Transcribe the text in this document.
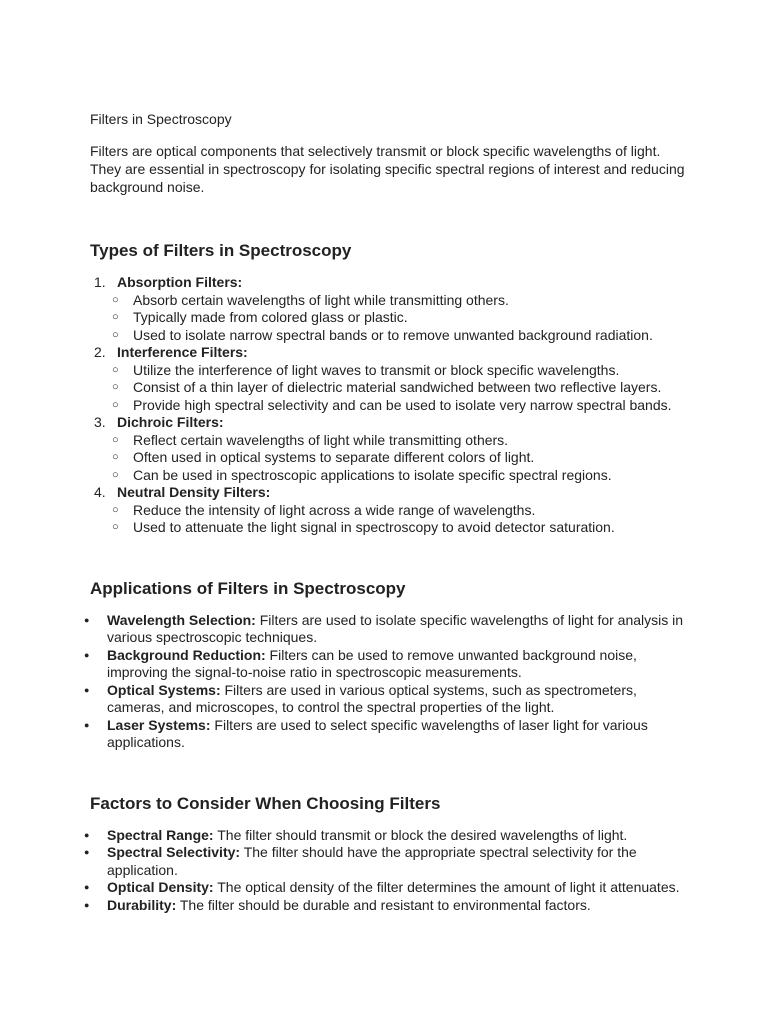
Filters in Spectroscopy

Filters are optical components that selectively transmit or block specific wavelengths of light. They are essential in spectroscopy for isolating specific spectral regions of interest and reducing background noise.

Types of Filters in Spectroscopy
1. Absorption Filters:
○ Absorb certain wavelengths of light while transmitting others.
○ Typically made from colored glass or plastic.
○ Used to isolate narrow spectral bands or to remove unwanted background radiation.
2. Interference Filters:
○ Utilize the interference of light waves to transmit or block specific wavelengths.
○ Consist of a thin layer of dielectric material sandwiched between two reflective layers.
○ Provide high spectral selectivity and can be used to isolate very narrow spectral bands.
3. Dichroic Filters:
○ Reflect certain wavelengths of light while transmitting others.
○ Often used in optical systems to separate different colors of light.
○ Can be used in spectroscopic applications to isolate specific spectral regions.
4. Neutral Density Filters:
○ Reduce the intensity of light across a wide range of wavelengths.
○ Used to attenuate the light signal in spectroscopy to avoid detector saturation.
Applications of Filters in Spectroscopy
● Wavelength Selection: Filters are used to isolate specific wavelengths of light for analysis in various spectroscopic techniques.
● Background Reduction: Filters can be used to remove unwanted background noise, improving the signal-to-noise ratio in spectroscopic measurements.
● Optical Systems: Filters are used in various optical systems, such as spectrometers, cameras, and microscopes, to control the spectral properties of the light.
● Laser Systems: Filters are used to select specific wavelengths of laser light for various applications.
Factors to Consider When Choosing Filters
● Spectral Range: The filter should transmit or block the desired wavelengths of light.
● Spectral Selectivity: The filter should have the appropriate spectral selectivity for the application.
● Optical Density: The optical density of the filter determines the amount of light it attenuates.
● Durability: The filter should be durable and resistant to environmental factors.
